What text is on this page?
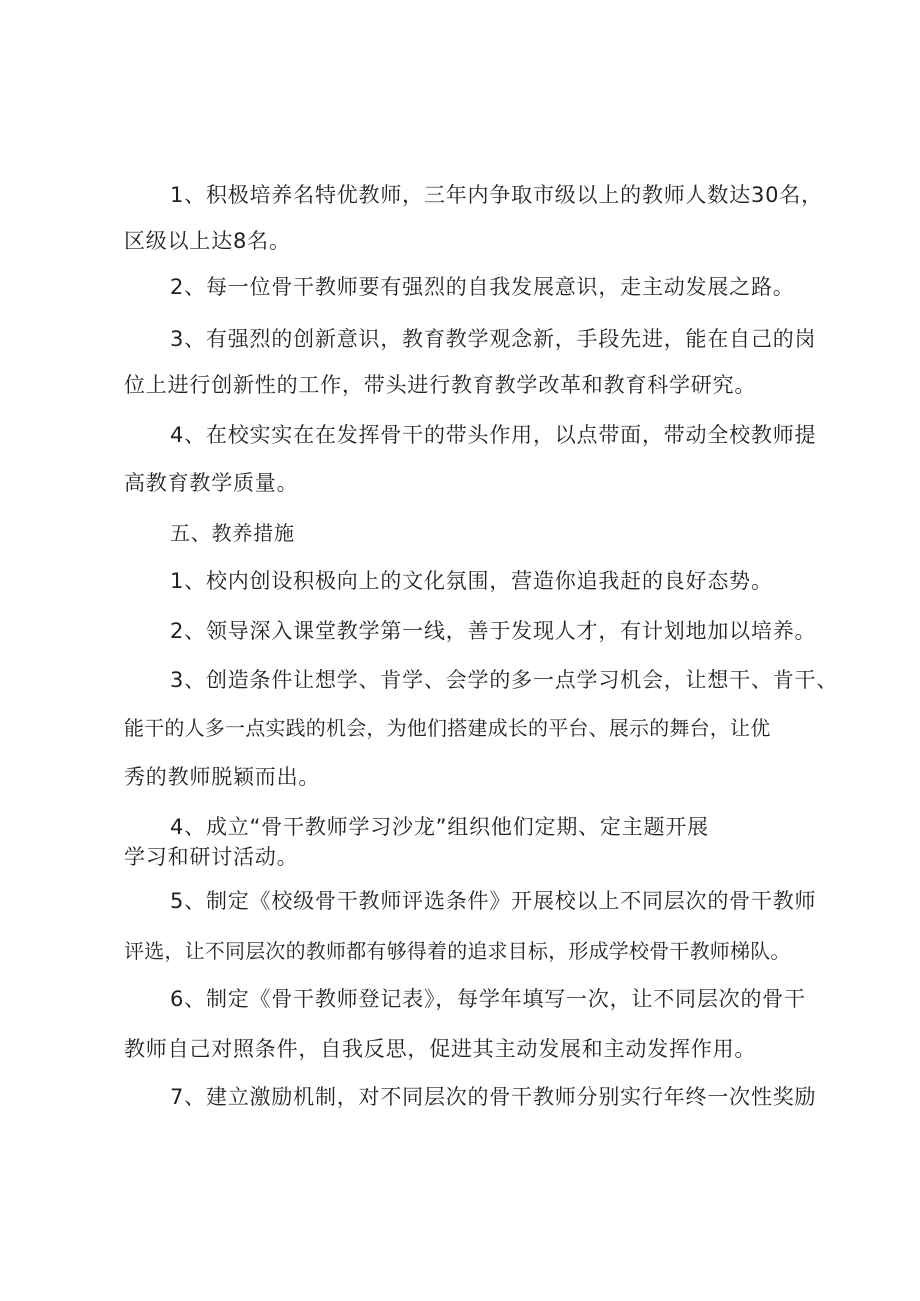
1、积极培养名特优教师，三年内争取市级以上的教师人数达30名，
区级以上达8名。
2、每一位骨干教师要有强烈的自我发展意识，走主动发展之路。
3、有强烈的创新意识，教育教学观念新，手段先进，能在自己的岗
位上进行创新性的工作，带头进行教育教学改革和教育科学研究。
4、在校实实在在发挥骨干的带头作用，以点带面，带动全校教师提
高教育教学质量。
五、教养措施
1、校内创设积极向上的文化氛围，营造你追我赶的良好态势。
2、领导深入课堂教学第一线，善于发现人才，有计划地加以培养。
3、创造条件让想学、肯学、会学的多一点学习机会，让想干、肯干、
能干的人多一点实践的机会，为他们搭建成长的平台、展示的舞台，让优
秀的教师脱颖而出。
4、成立“骨干教师学习沙龙”组织他们定期、定主题开展
学习和研讨活动。
5、制定《校级骨干教师评选条件》开展校以上不同层次的骨干教师
评选，让不同层次的教师都有够得着的追求目标，形成学校骨干教师梯队。
6、制定《骨干教师登记表》，每学年填写一次，让不同层次的骨干
教师自己对照条件，自我反思，促进其主动发展和主动发挥作用。
7、建立激励机制，对不同层次的骨干教师分别实行年终一次性奖励
